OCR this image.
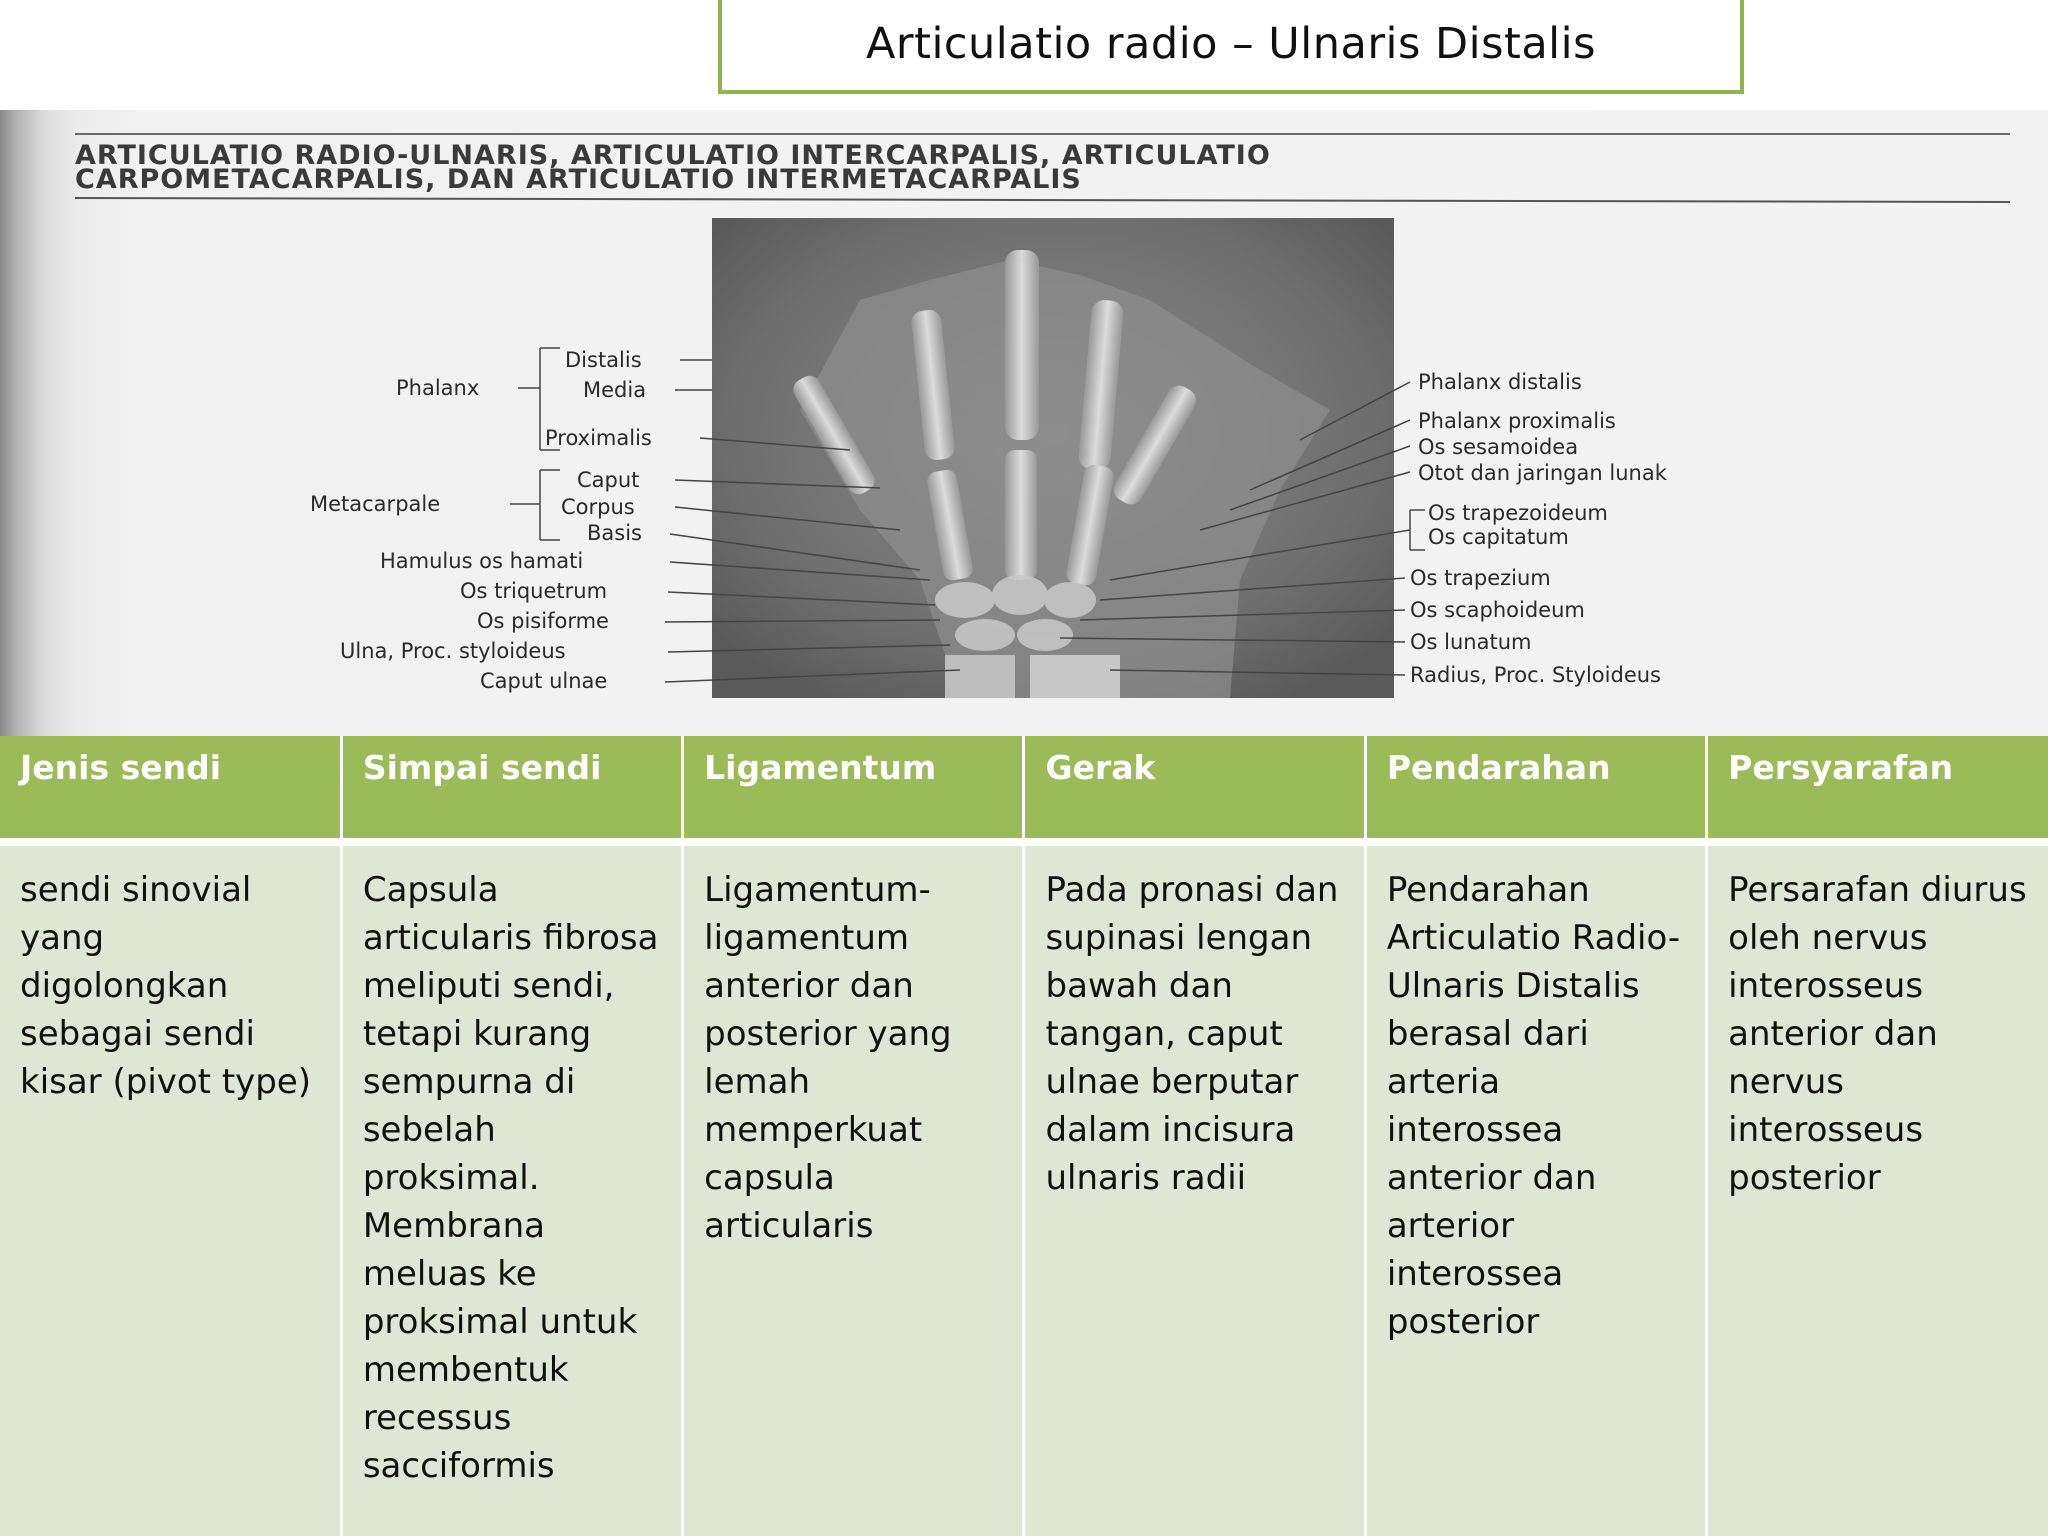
Articulatio radio – Ulnaris Distalis
ARTICULATIO RADIO-ULNARIS, ARTICULATIO INTERCARPALIS, ARTICULATIO
CARPOMETACARPALIS, DAN ARTICULATIO INTERMETACARPALIS
Distalis
Phalanx	Media
Proximalis
Caput
Metacarpale	Corpus
Basis
Hamulus os hamati
Os triquetrum
Os pisiforme
Ulna, Proc. styloideus
Caput ulnae
Phalanx distalis
Phalanx proximalis
Os sesamoidea
Otot dan jaringan lunak
Os trapezoideum
Os capitatum
Os trapezium
Os scaphoideum
Os lunatum
Radius, Proc. Styloideus
Jenis sendi	Simpai sendi	Ligamentum	Gerak	Pendarahan	Persyarafan
sendi sinovial yang digolongkan sebagai sendi kisar (pivot type)	Capsula articularis fibrosa meliputi sendi, tetapi kurang sempurna di sebelah proksimal. Membrana meluas ke proksimal untuk membentuk recessus sacciformis	Ligamentum-ligamentum anterior dan posterior yang lemah memperkuat capsula articularis	Pada pronasi dan supinasi lengan bawah dan tangan, caput ulnae berputar dalam incisura ulnaris radii	Pendarahan Articulatio Radio-Ulnaris Distalis berasal dari arteria interossea anterior dan arterior interossea posterior	Persarafan diurus oleh nervus interosseus anterior dan nervus interosseus posterior
